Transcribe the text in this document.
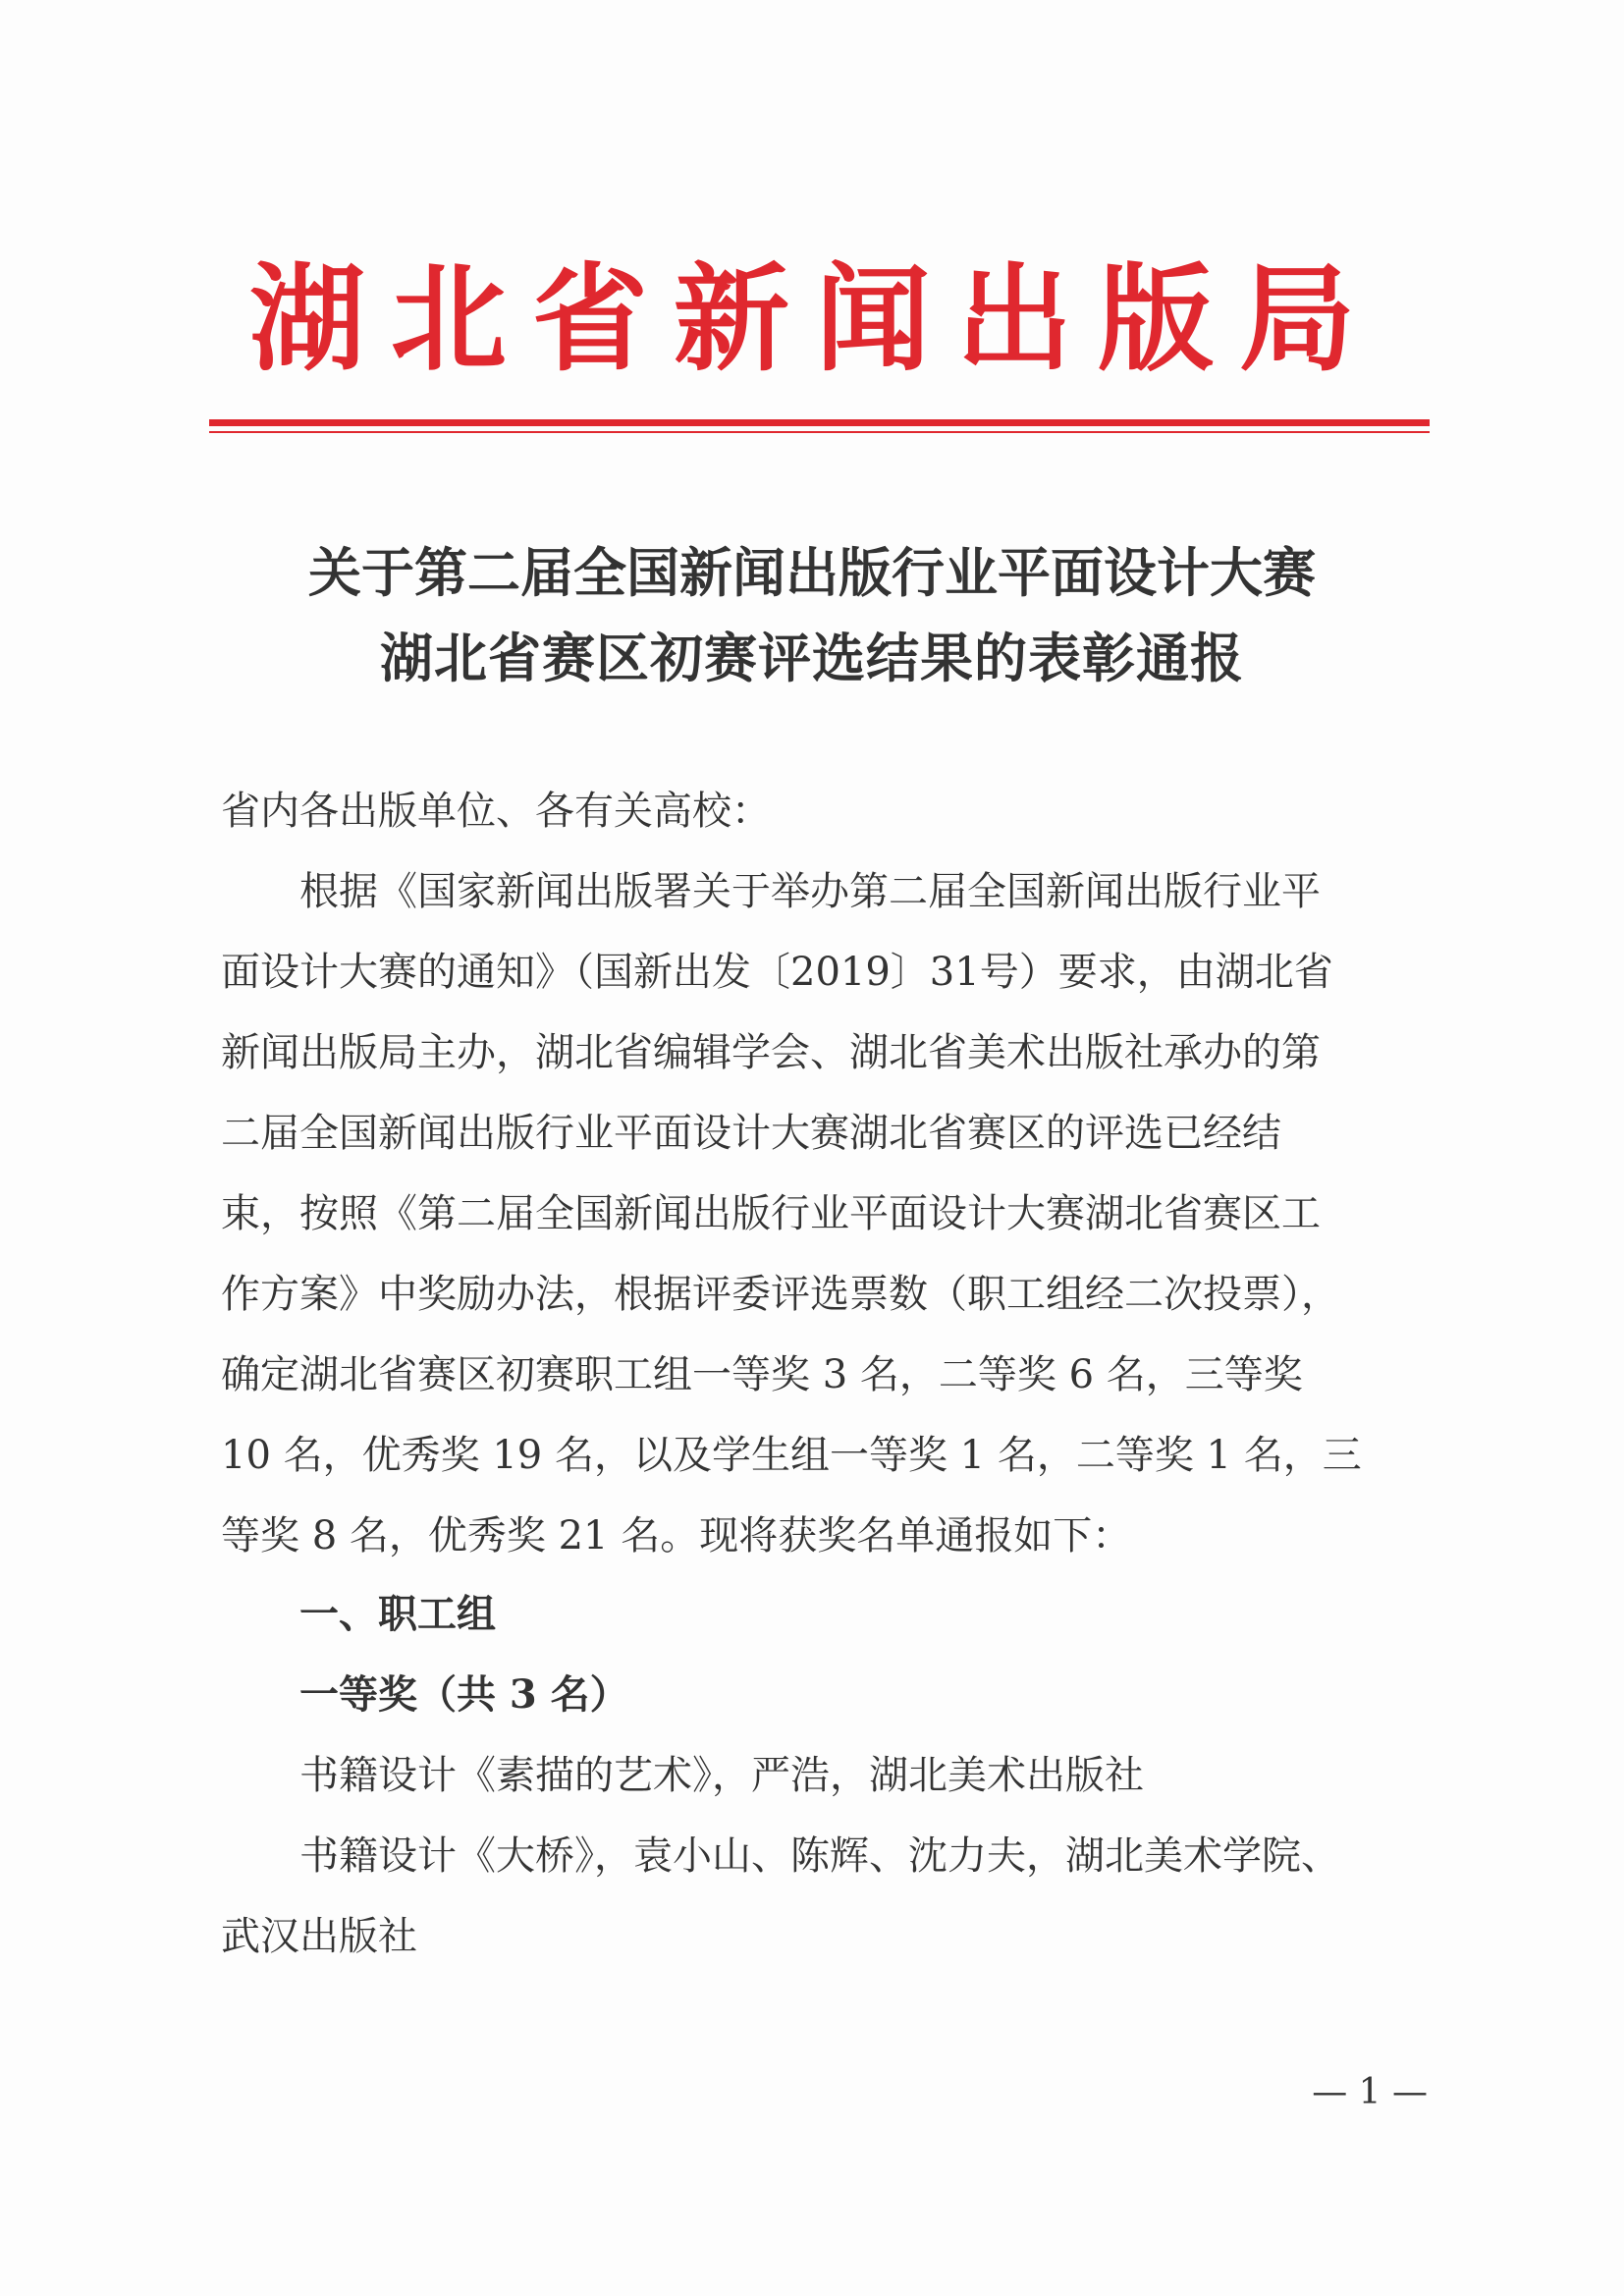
湖北省新闻出版局
关于第二届全国新闻出版行业平面设计大赛
湖北省赛区初赛评选结果的表彰通报
省内各出版单位、各有关高校：
根据《国家新闻出版署关于举办第二届全国新闻出版行业平
面设计大赛的通知》（国新出发〔2019〕31号）要求，由湖北省
新闻出版局主办，湖北省编辑学会、湖北省美术出版社承办的第
二届全国新闻出版行业平面设计大赛湖北省赛区的评选已经结
束，按照《第二届全国新闻出版行业平面设计大赛湖北省赛区工
作方案》中奖励办法，根据评委评选票数（职工组经二次投票），
确定湖北省赛区初赛职工组一等奖 3 名，二等奖 6 名，三等奖
10 名，优秀奖 19 名，以及学生组一等奖 1 名，二等奖 1 名，三
等奖 8 名，优秀奖 21 名。现将获奖名单通报如下：
一、职工组
一等奖（共 3 名）
书籍设计《素描的艺术》，严浩，湖北美术出版社
书籍设计《大桥》，袁小山、陈辉、沈力夫，湖北美术学院、
武汉出版社
— 1 —
